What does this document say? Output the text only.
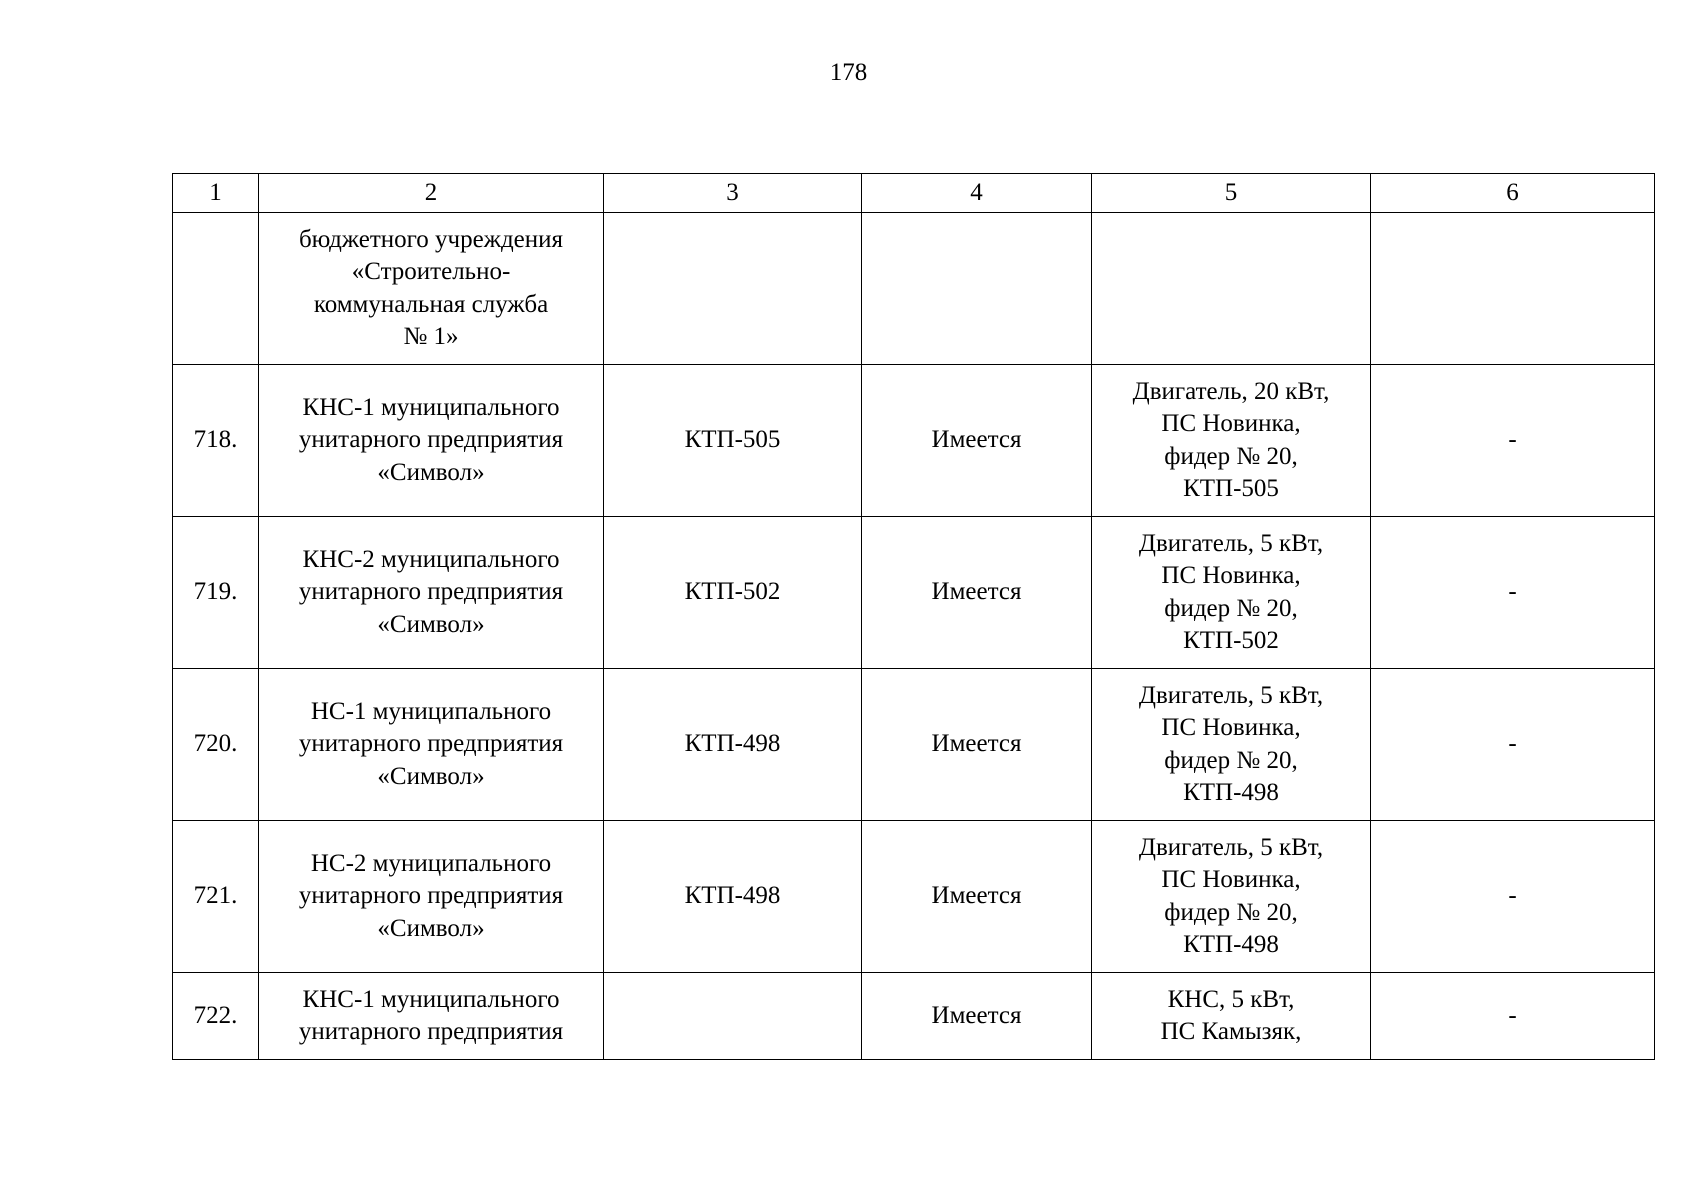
178
1	2	3	4	5	6

	бюджетного учреждения
«Строительно-
коммунальная служба
№ 1»				

718.	КНС-1 муниципального
унитарного предприятия
«Символ»	КТП-505	Имеется	Двигатель, 20 кВт,
ПС Новинка,
фидер № 20,
КТП-505	-
719.	КНС-2 муниципального
унитарного предприятия
«Символ»	КТП-502	Имеется	Двигатель, 5 кВт,
ПС Новинка,
фидер № 20,
КТП-502	-
720.	НС-1 муниципального
унитарного предприятия
«Символ»	КТП-498	Имеется	Двигатель, 5 кВт,
ПС Новинка,
фидер № 20,
КТП-498	-
721.	НС-2 муниципального
унитарного предприятия
«Символ»	КТП-498	Имеется	Двигатель, 5 кВт,
ПС Новинка,
фидер № 20,
КТП-498	-
722.	КНС-1 муниципального
унитарного предприятия		Имеется	КНС, 5 кВт,
ПС Камызяк,	-
